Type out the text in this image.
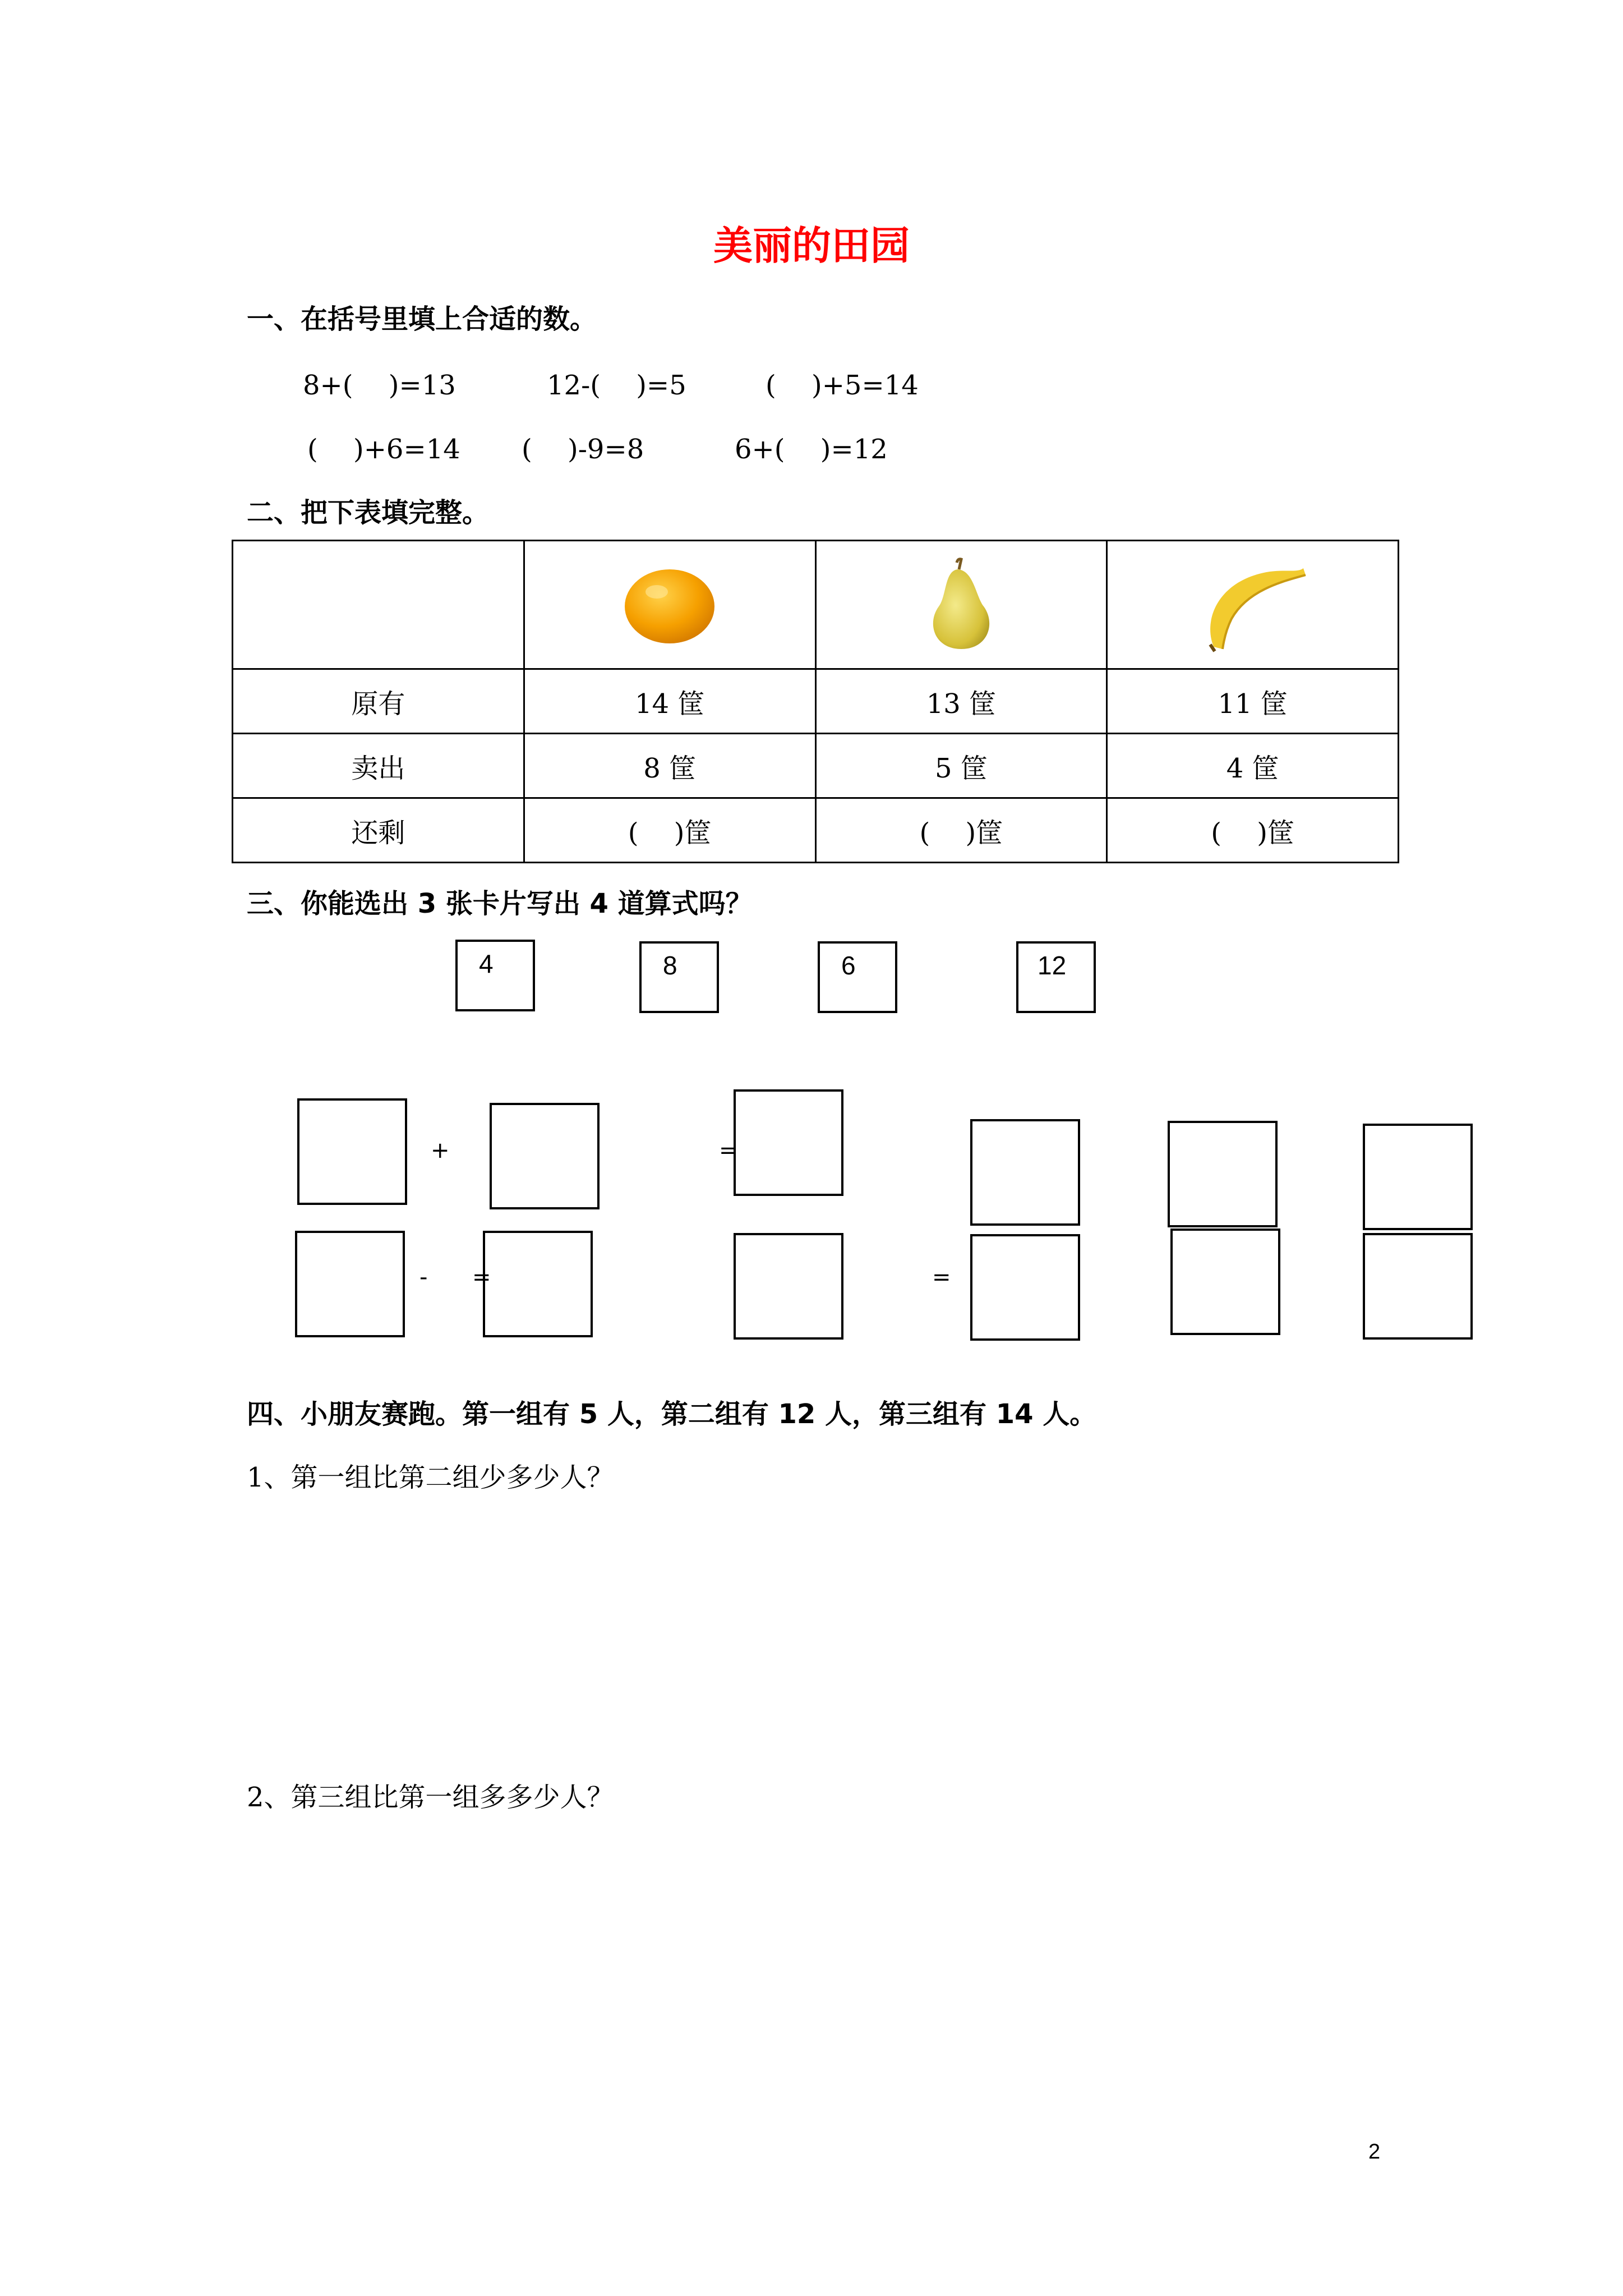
美丽的田园
一、在括号里填上合适的数。
8+(　 )=13	12-(　 )=5	(　 )+5=14
(　 )+6=14 (　 )-9=8	6+(　 )=12
二、把下表填完整。

原有	14 筐	13 筐	11 筐
卖出	8 筐	5 筐	4 筐
还剩	(　 )筐	(　 )筐	(　 )筐
三、你能选出 3 张卡片写出 4 道算式吗？
4	8	6	12
+	=
- =	=
四、小朋友赛跑。第一组有 5 人，第二组有 12 人，第三组有 14 人。
1、第一组比第二组少多少人？
2、第三组比第一组多多少人？
2
